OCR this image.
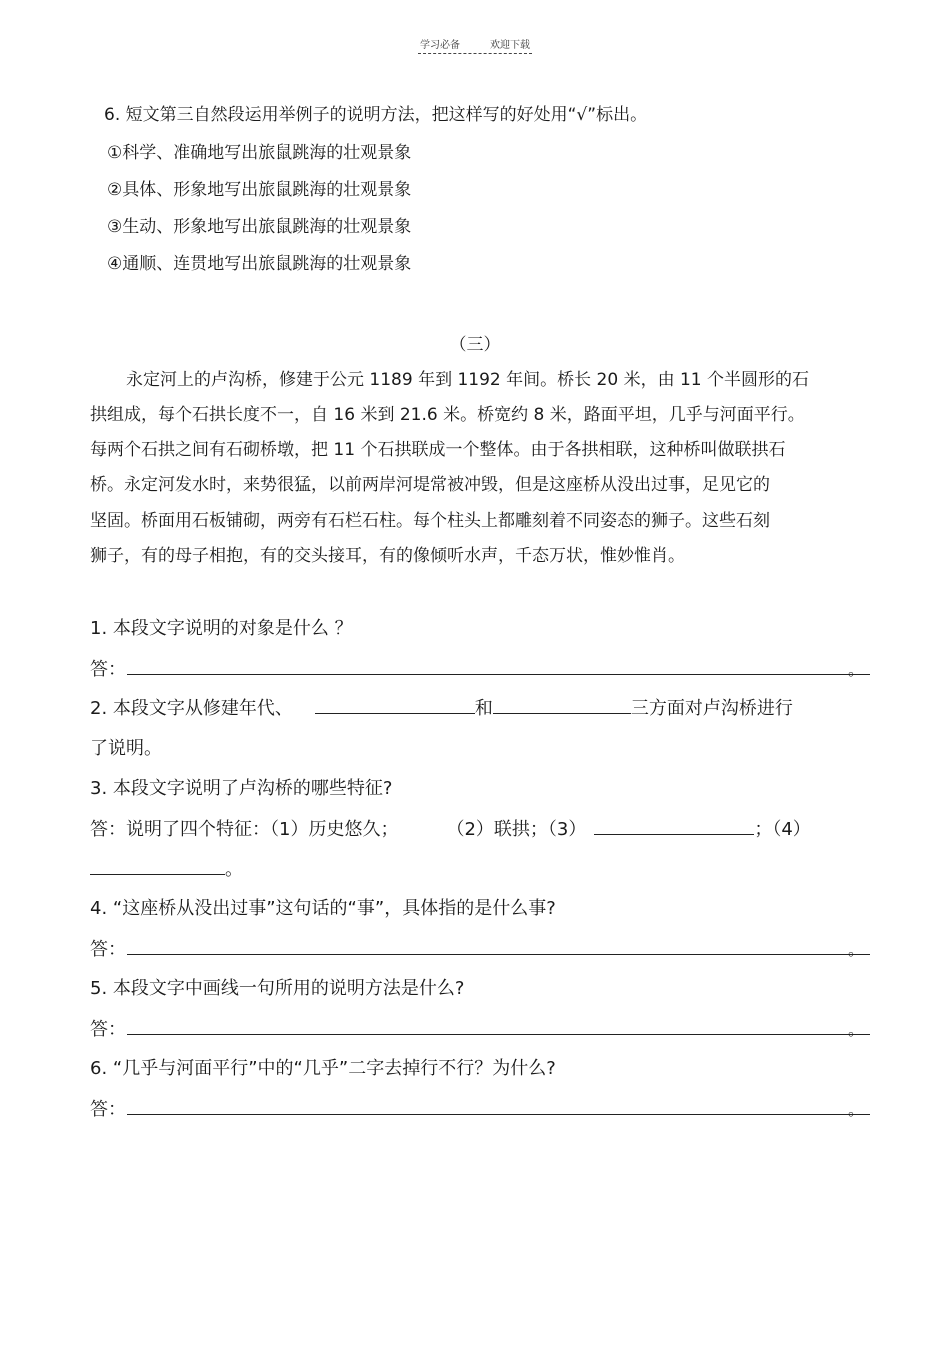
学习必备	欢迎下载
6. 短文第三自然段运用举例子的说明方法，把这样写的好处用“√”标出。
①科学、准确地写出旅鼠跳海的壮观景象
②具体、形象地写出旅鼠跳海的壮观景象
③生动、形象地写出旅鼠跳海的壮观景象
④通顺、连贯地写出旅鼠跳海的壮观景象
（三）
永定河上的卢沟桥，修建于公元 1189 年到 1192 年间。桥长 20 米，由 11 个半圆形的石
拱组成，每个石拱长度不一，自 16 米到 21.6 米。桥宽约 8 米，路面平坦，几乎与河面平行。
每两个石拱之间有石砌桥墩，把 11 个石拱联成一个整体。由于各拱相联，这种桥叫做联拱石
桥。永定河发水时，来势很猛，以前两岸河堤常被冲毁，但是这座桥从没出过事，足见它的
坚固。桥面用石板铺砌，两旁有石栏石柱。每个柱头上都雕刻着不同姿态的狮子。这些石刻
狮子，有的母子相抱，有的交头接耳，有的像倾听水声，千态万状，惟妙惟肖。
1. 本段文字说明的对象是什么 ？
答：	。
2. 本段文字从修建年代、	和	三方面对卢沟桥进行
了说明。
3. 本段文字说明了卢沟桥的哪些特征?
答：说明了四个特征：（1）历史悠久；	（2）联拱；（3）	；（4）
。
4. “这座桥从没出过事”这句话的“事”，具体指的是什么事?
答：	。
5. 本段文字中画线一句所用的说明方法是什么?
答：	。
6. “几乎与河面平行”中的“几乎”二字去掉行不行？为什么?
答：	。
